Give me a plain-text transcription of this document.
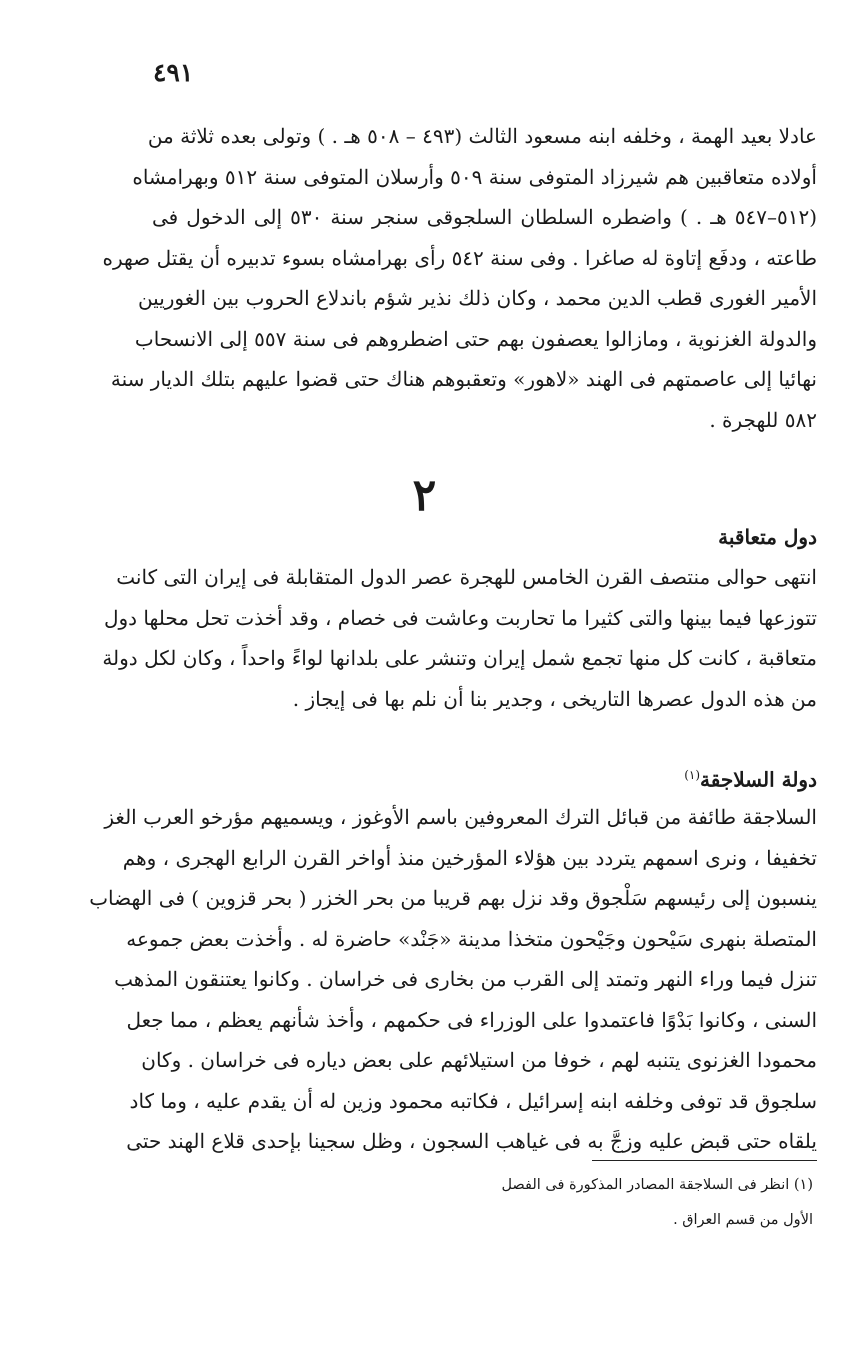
٤٩١
عادلا بعيد الهمة ، وخلفه ابنه مسعود الثالث (٤٩٣ – ٥٠٨ هـ . ) وتولى بعده ثلاثة من
أولاده متعاقبين هم شيرزاد المتوفى سنة ٥٠٩ وأرسلان المتوفى سنة ٥١٢ وبهرامشاه
(٥١٢–٥٤٧ هـ . ) واضطره السلطان السلجوقى سنجر سنة ٥٣٠ إلى الدخول فى
طاعته ، ودفَع إتاوة له صاغرا . وفى سنة ٥٤٢ رأى بهرامشاه بسوء تدبيره أن يقتل صهره
الأمير الغورى قطب الدين محمد ، وكان ذلك نذير شؤم باندلاع الحروب بين الغوريين
والدولة الغزنوية ، ومازالوا يعصفون بهم حتى اضطروهم فى سنة ٥٥٧ إلى الانسحاب
نهائيا إلى عاصمتهم فى الهند «لاهور» وتعقبوهم هناك حتى قضوا عليهم بتلك الديار سنة
٥٨٢ للهجرة .
٢
دول متعاقبة
انتهى حوالى منتصف القرن الخامس للهجرة عصر الدول المتقابلة فى إيران التى كانت
تتوزعها فيما بينها والتى كثيرا ما تحاربت وعاشت فى خصام ، وقد أخذت تحل محلها دول
متعاقبة ، كانت كل منها تجمع شمل إيران وتنشر على بلدانها لواءً واحداً ، وكان لكل دولة
من هذه الدول عصرها التاريخى ، وجدير بنا أن نلم بها فى إيجاز .
دولة السلاجقة$^{(١)}$
السلاجقة طائفة من قبائل الترك المعروفين باسم الأوغوز ، ويسميهم مؤرخو العرب الغز
تخفيفا ، ونرى اسمهم يتردد بين هؤلاء المؤرخين منذ أواخر القرن الرابع الهجرى ، وهم
ينسبون إلى رئيسهم سَلْجوق وقد نزل بهم قريبا من بحر الخزر ( بحر قزوين ) فى الهضاب
المتصلة بنهرى سَيْحون وجَيْحون متخذا مدينة «جَنْد» حاضرة له . وأخذت بعض جموعه
تنزل فيما وراء النهر وتمتد إلى القرب من بخارى فى خراسان . وكانوا يعتنقون المذهب
السنى ، وكانوا بَدْوًا فاعتمدوا على الوزراء فى حكمهم ، وأخذ شأنهم يعظم ، مما جعل
محمودا الغزنوى يتنبه لهم ، خوفا من استيلائهم على بعض دياره فى خراسان . وكان
سلجوق قد توفى وخلفه ابنه إسرائيل ، فكاتبه محمود وزين له أن يقدم عليه ، وما كاد
يلقاه حتى قبض عليه وزجَّ به فى غياهب السجون ، وظل سجينا بإحدى قلاع الهند حتى
(١) انظر فى السلاجقة المصادر المذكورة فى الفصل
الأول من قسم العراق .
